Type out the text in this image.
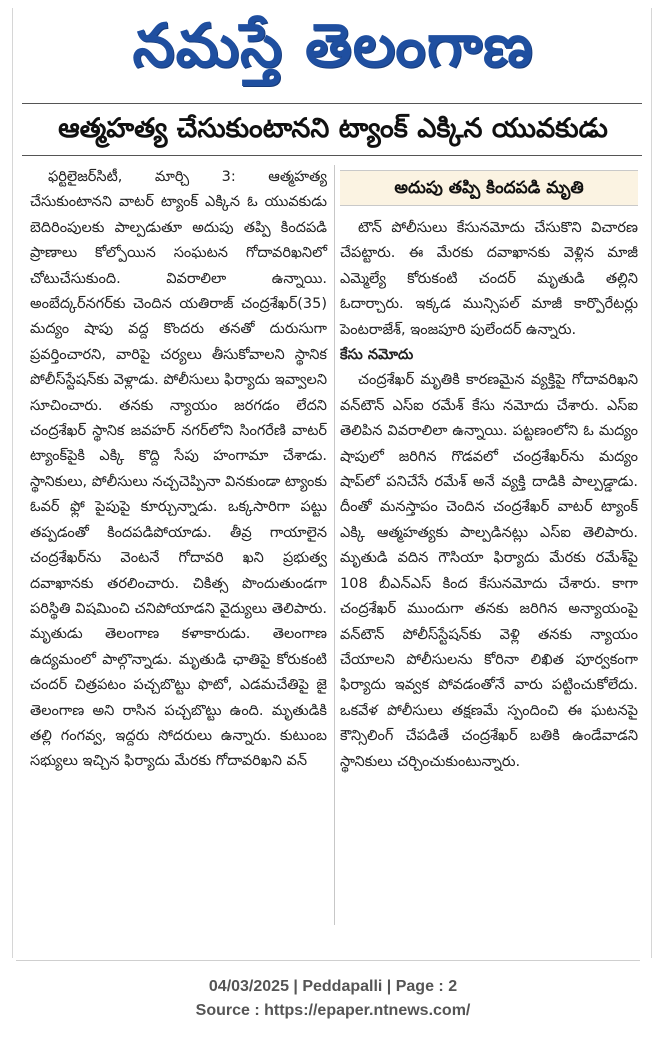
నమస్తే తెలంగాణ
ఆత్మహత్య చేసుకుంటానని ట్యాంక్ ఎక్కిన యువకుడు

ఫర్టిలైజర్‌సిటీ, మార్చి 3: ఆత్మహత్య చేసుకుంటానని వాటర్ ట్యాంక్ ఎక్కిన ఓ యువకుడు బెదిరింపులకు పాల్పడుతూ అదుపు తప్పి కిందపడి ప్రాణాలు కోల్పోయిన సంఘటన గోదావరిఖనిలో చోటుచేసుకుంది. వివరాలిలా ఉన్నాయి. అంబేద్కర్‌నగర్‌కు చెందిన యతిరాజ్ చంద్రశేఖర్(35) మద్యం షాపు వద్ద కొందరు తనతో దురుసుగా ప్రవర్తించారని, వారిపై చర్యలు తీసుకోవాలని స్థానిక పోలీస్‌స్టేషన్‌కు వెళ్లాడు. పోలీసులు ఫిర్యాదు ఇవ్వాలని సూచించారు. తనకు న్యాయం జరగడం లేదని చంద్రశేఖర్ స్థానిక జవహర్ నగర్‌లోని సింగరేణి వాటర్ ట్యాంక్‌పైకి ఎక్కి కొద్ది సేపు హంగామా చేశాడు. స్థానికులు, పోలీసులు నచ్చచెప్పినా వినకుండా ట్యాంకు ఓవర్ ఫ్లో పైపుపై కూర్చున్నాడు. ఒక్కసారిగా పట్టు తప్పడంతో కిందపడిపోయాడు. తీవ్ర గాయాలైన చంద్రశేఖర్‌ను వెంటనే గోదావరి ఖని ప్రభుత్వ దవాఖానకు తరలించారు. చికిత్స పొందుతుండగా పరిస్థితి విషమించి చనిపోయాడని వైద్యులు తెలిపారు. మృతుడు తెలంగాణ కళాకారుడు. తెలంగాణ ఉద్యమంలో పాల్గొన్నాడు. మృతుడి ఛాతిపై కోరుకంటి చందర్ చిత్రపటం పచ్చబొట్టు ఫొటో, ఎడమచేతిపై జై తెలంగాణ అని రాసిన పచ్చబొట్టు ఉంది. మృతుడికి తల్లి గంగవ్వ, ఇద్దరు సోదరులు ఉన్నారు. కుటుంబ సభ్యులు ఇచ్చిన ఫిర్యాదు మేరకు గోదావరిఖని వన్

అదుపు తప్పి కిందపడి మృతి

టౌన్ పోలీసులు కేసునమోదు చేసుకొని విచారణ చేపట్టారు. ఈ మేరకు దవాఖానకు వెళ్లిన మాజీ ఎమ్మెల్యే కోరుకంటి చందర్ మృతుడి తల్లిని ఓదార్చారు. ఇక్కడ మున్సిపల్ మాజీ కార్పొరేటర్లు పెంటరాజేశ్, ఇంజపూరి పులేందర్ ఉన్నారు.

కేసు నమోదు

చంద్రశేఖర్ మృతికి కారణమైన వ్యక్తిపై గోదావరిఖని వన్‌టౌన్ ఎస్‌ఐ రమేశ్ కేసు నమోదు చేశారు. ఎస్‌ఐ తెలిపిన వివరాలిలా ఉన్నాయి. పట్టణంలోని ఓ మద్యం షాపులో జరిగిన గొడవలో చంద్రశేఖర్‌ను మద్యం షాప్‌లో పనిచేసే రమేశ్ అనే వ్యక్తి దాడికి పాల్పడ్డాడు. దీంతో మనస్తాపం చెందిన చంద్రశేఖర్ వాటర్ ట్యాంక్ ఎక్కి ఆత్మహత్యకు పాల్పడినట్లు ఎస్‌ఐ తెలిపారు. మృతుడి వదిన గౌసియా ఫిర్యాదు మేరకు రమేశ్‌పై 108 బీఎన్‌ఎస్ కింద కేసునమోదు చేశారు. కాగా చంద్రశేఖర్ ముందుగా తనకు జరిగిన అన్యాయంపై వన్‌టౌన్ పోలీస్‌స్టేషన్‌కు వెళ్లి తనకు న్యాయం చేయాలని పోలీసులను కోరినా లిఖిత పూర్వకంగా ఫిర్యాదు ఇవ్వక పోవడంతోనే వారు పట్టించుకోలేదు. ఒకవేళ పోలీసులు తక్షణమే స్పందించి ఈ ఘటనపై కౌన్సిలింగ్ చేపడితే చంద్రశేఖర్ బతికి ఉండేవాడని స్థానికులు చర్చించుకుంటున్నారు.

04/03/2025 | Peddapalli | Page : 2
Source : https://epaper.ntnews.com/
